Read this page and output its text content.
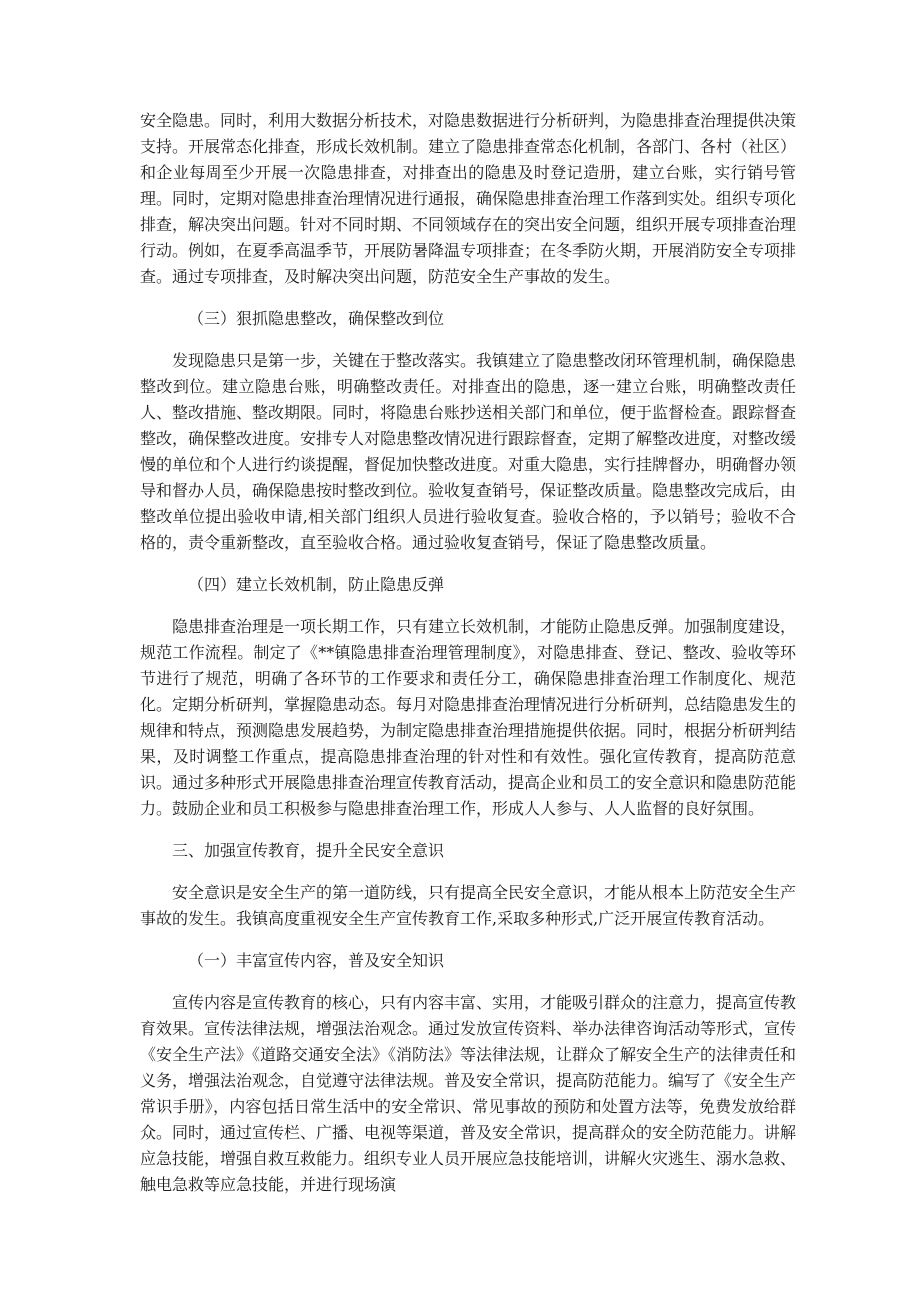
安全隐患。同时，利用大数据分析技术，对隐患数据进行分析研判，为隐患排查治理提供决策支持。开展常态化排查，形成长效机制。建立了隐患排查常态化机制，各部门、各村（社区）和企业每周至少开展一次隐患排查，对排查出的隐患及时登记造册，建立台账，实行销号管理。同时，定期对隐患排查治理情况进行通报，确保隐患排查治理工作落到实处。组织专项化排查，解决突出问题。针对不同时期、不同领域存在的突出安全问题，组织开展专项排查治理行动。例如，在夏季高温季节，开展防暑降温专项排查；在冬季防火期，开展消防安全专项排查。通过专项排查，及时解决突出问题，防范安全生产事故的发生。

（三）狠抓隐患整改，确保整改到位

发现隐患只是第一步，关键在于整改落实。我镇建立了隐患整改闭环管理机制，确保隐患整改到位。建立隐患台账，明确整改责任。对排查出的隐患，逐一建立台账，明确整改责任人、整改措施、整改期限。同时，将隐患台账抄送相关部门和单位，便于监督检查。跟踪督查整改，确保整改进度。安排专人对隐患整改情况进行跟踪督查，定期了解整改进度，对整改缓慢的单位和个人进行约谈提醒，督促加快整改进度。对重大隐患，实行挂牌督办，明确督办领导和督办人员，确保隐患按时整改到位。验收复查销号，保证整改质量。隐患整改完成后，由整改单位提出验收申请,相关部门组织人员进行验收复查。验收合格的，予以销号；验收不合格的，责令重新整改，直至验收合格。通过验收复查销号，保证了隐患整改质量。

（四）建立长效机制，防止隐患反弹

隐患排查治理是一项长期工作，只有建立长效机制，才能防止隐患反弹。加强制度建设，规范工作流程。制定了《**镇隐患排查治理管理制度》，对隐患排查、登记、整改、验收等环节进行了规范，明确了各环节的工作要求和责任分工，确保隐患排查治理工作制度化、规范化。定期分析研判，掌握隐患动态。每月对隐患排查治理情况进行分析研判，总结隐患发生的规律和特点，预测隐患发展趋势，为制定隐患排查治理措施提供依据。同时，根据分析研判结果，及时调整工作重点，提高隐患排查治理的针对性和有效性。强化宣传教育，提高防范意识。通过多种形式开展隐患排查治理宣传教育活动，提高企业和员工的安全意识和隐患防范能力。鼓励企业和员工积极参与隐患排查治理工作，形成人人参与、人人监督的良好氛围。

三、加强宣传教育，提升全民安全意识

安全意识是安全生产的第一道防线，只有提高全民安全意识，才能从根本上防范安全生产事故的发生。我镇高度重视安全生产宣传教育工作,采取多种形式,广泛开展宣传教育活动。

（一）丰富宣传内容，普及安全知识

宣传内容是宣传教育的核心，只有内容丰富、实用，才能吸引群众的注意力，提高宣传教育效果。宣传法律法规，增强法治观念。通过发放宣传资料、举办法律咨询活动等形式，宣传《安全生产法》《道路交通安全法》《消防法》等法律法规，让群众了解安全生产的法律责任和义务，增强法治观念，自觉遵守法律法规。普及安全常识，提高防范能力。编写了《安全生产常识手册》，内容包括日常生活中的安全常识、常见事故的预防和处置方法等，免费发放给群众。同时，通过宣传栏、广播、电视等渠道，普及安全常识，提高群众的安全防范能力。讲解应急技能，增强自救互救能力。组织专业人员开展应急技能培训，讲解火灾逃生、溺水急救、触电急救等应急技能，并进行现场演
